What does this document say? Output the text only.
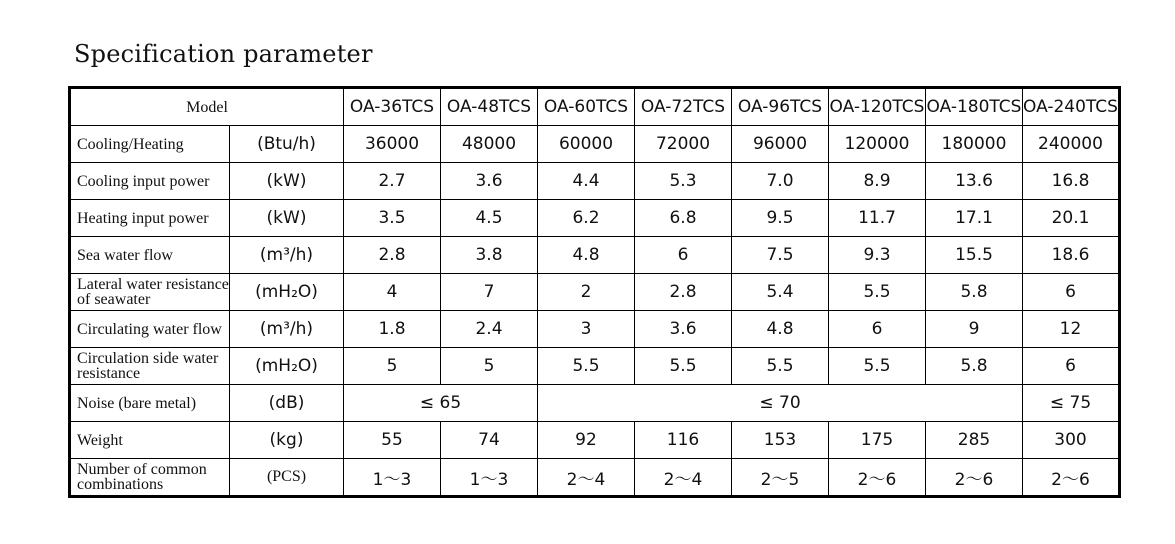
Specification parameter
Model		OA-36TCS	OA-48TCS	OA-60TCS	OA-72TCS	OA-96TCS	OA-120TCS	OA-180TCS	OA-240TCS
Cooling/Heating	(Btu/h)	36000	48000	60000	72000	96000	120000	180000	240000
Cooling input power	(kW)	2.7	3.6	4.4	5.3	7.0	8.9	13.6	16.8
Heating input power	(kW)	3.5	4.5	6.2	6.8	9.5	11.7	17.1	20.1
Sea water flow	(m³/h)	2.8	3.8	4.8	6	7.5	9.3	15.5	18.6
Lateral water resistance of seawater	(mH₂O)	4	7	2	2.8	5.4	5.5	5.8	6
Circulating water flow	(m³/h)	1.8	2.4	3	3.6	4.8	6	9	12
Circulation side water resistance	(mH₂O)	5	5	5.5	5.5	5.5	5.5	5.8	6
Noise (bare metal)	(dB)	≤ 65		≤ 70					≤ 75
Weight	(kg)	55	74	92	116	153	175	285	300
Number of common combinations	(PCS)	1～3	1～3	2～4	2～4	2～5	2～6	2～6	2～6
